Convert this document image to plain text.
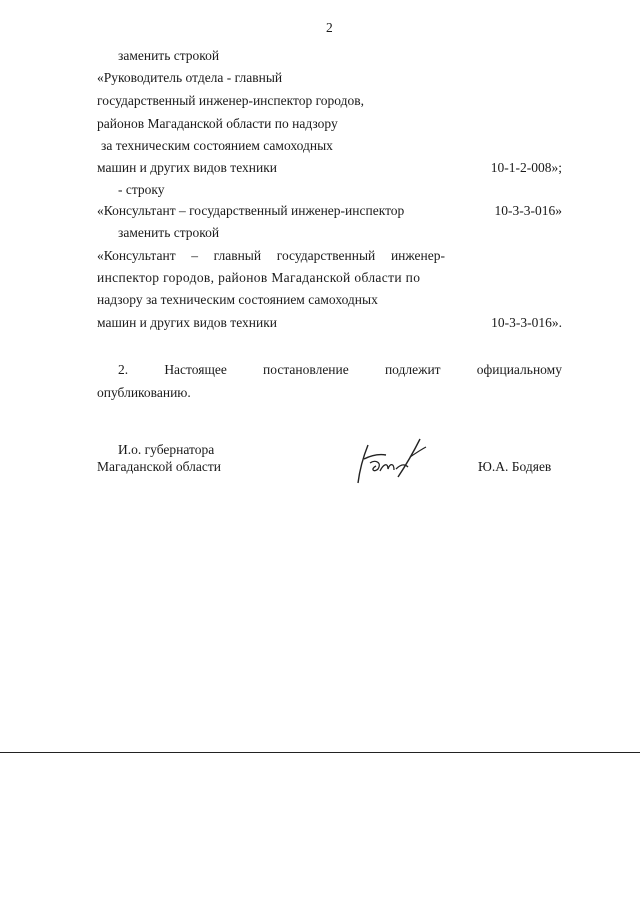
2
заменить строкой
«Руководитель отдела - главный
государственный инженер-инспектор городов,
районов Магаданской области по надзору
за техническим состоянием самоходных
машин и других видов техники	10-1-2-008»;
- строку
«Консультант – государственный инженер-инспектор	10-3-3-016»
заменить строкой
«Консультант – главный государственный инженер-
инспектор городов, районов Магаданской области по
надзору за техническим состоянием самоходных
машин и других видов техники	10-3-3-016».
2.	Настоящее	постановление	подлежит	официальному
опубликованию.
И.о. губернатора
Магаданской области	Ю.А. Бодяев
